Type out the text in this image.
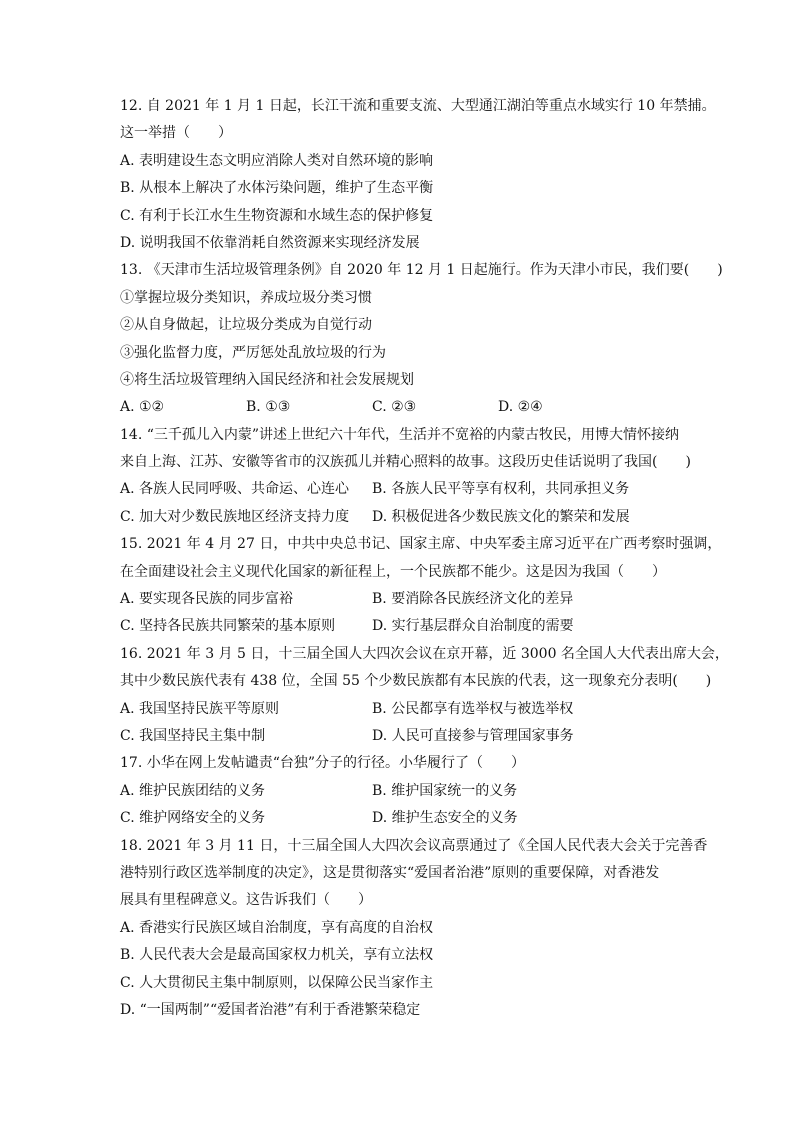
12. 自 2021 年 1 月 1 日起，长江干流和重要支流、大型通江湖泊等重点水域实行 10 年禁捕。
这一举措（　　）
A. 表明建设生态文明应消除人类对自然环境的影响
B. 从根本上解决了水体污染问题，维护了生态平衡
C. 有利于长江水生生物资源和水域生态的保护修复
D. 说明我国不依靠消耗自然资源来实现经济发展
13. 《天津市生活垃圾管理条例》自 2020 年 12 月 1 日起施行。作为天津小市民，我们要(　　)
①掌握垃圾分类知识，养成垃圾分类习惯
②从自身做起，让垃圾分类成为自觉行动
③强化监督力度，严厉惩处乱放垃圾的行为
④将生活垃圾管理纳入国民经济和社会发展规划
A. ①②	B. ①③	C. ②③	D. ②④
14. “三千孤儿入内蒙”讲述上世纪六十年代，生活并不宽裕的内蒙古牧民，用博大情怀接纳
来自上海、江苏、安徽等省市的汉族孤儿并精心照料的故事。这段历史佳话说明了我国(　　)
A. 各族人民同呼吸、共命运、心连心	B. 各族人民平等享有权利，共同承担义务
C. 加大对少数民族地区经济支持力度	D. 积极促进各少数民族文化的繁荣和发展
15. 2021 年 4 月 27 日，中共中央总书记、国家主席、中央军委主席习近平在广西考察时强调，
在全面建设社会主义现代化国家的新征程上，一个民族都不能少。这是因为我国（　　）
A. 要实现各民族的同步富裕	B. 要消除各民族经济文化的差异
C. 坚持各民族共同繁荣的基本原则	D. 实行基层群众自治制度的需要
16. 2021 年 3 月 5 日，十三届全国人大四次会议在京开幕，近 3000 名全国人大代表出席大会，
其中少数民族代表有 438 位，全国 55 个少数民族都有本民族的代表，这一现象充分表明(　　)
A. 我国坚持民族平等原则	B. 公民都享有选举权与被选举权
C. 我国坚持民主集中制	D. 人民可直接参与管理国家事务
17. 小华在网上发帖谴责“台独”分子的行径。小华履行了（　　）
A. 维护民族团结的义务	B. 维护国家统一的义务
C. 维护网络安全的义务	D. 维护生态安全的义务
18. 2021 年 3 月 11 日，十三届全国人大四次会议高票通过了《全国人民代表大会关于完善香
港特别行政区选举制度的决定》，这是贯彻落实“爱国者治港”原则的重要保障，对香港发
展具有里程碑意义。这告诉我们（　　）
A. 香港实行民族区域自治制度，享有高度的自治权
B. 人民代表大会是最高国家权力机关，享有立法权
C. 人大贯彻民主集中制原则，以保障公民当家作主
D. “一国两制”“爱国者治港”有利于香港繁荣稳定
